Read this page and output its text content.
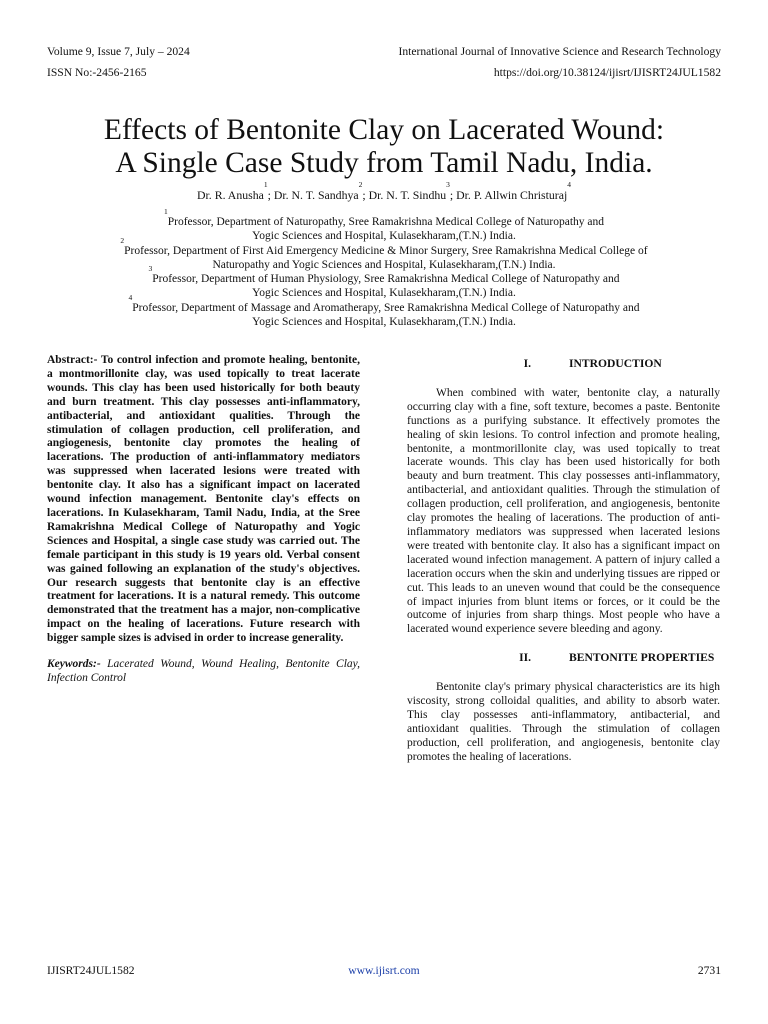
Volume 9, Issue 7, July – 2024	International Journal of Innovative Science and Research Technology
ISSN No:-2456-2165	https://doi.org/10.38124/ijisrt/IJISRT24JUL1582
Effects of Bentonite Clay on Lacerated Wound:
A Single Case Study from Tamil Nadu, India.
Dr. R. Anusha$^1$; Dr. N. T. Sandhya$^2$; Dr. N. T. Sindhu$^3$; Dr. P. Allwin Christuraj$^4$
$^1$Professor, Department of Naturopathy, Sree Ramakrishna Medical College of Naturopathy and
Yogic Sciences and Hospital, Kulasekharam,(T.N.) India.
$^2$Professor, Department of First Aid Emergency Medicine & Minor Surgery, Sree Ramakrishna Medical College of
Naturopathy and Yogic Sciences and Hospital, Kulasekharam,(T.N.) India.
$^3$Professor, Department of Human Physiology, Sree Ramakrishna Medical College of Naturopathy and
Yogic Sciences and Hospital, Kulasekharam,(T.N.) India.
$^4$Professor, Department of Massage and Aromatherapy, Sree Ramakrishna Medical College of Naturopathy and
Yogic Sciences and Hospital, Kulasekharam,(T.N.) India.

Abstract:- To control infection and promote healing, bentonite, a montmorillonite clay, was used topically to treat lacerate wounds. This clay has been used historically for both beauty and burn treatment. This clay possesses anti-inflammatory, antibacterial, and antioxidant qualities. Through the stimulation of collagen production, cell proliferation, and angiogenesis, bentonite clay promotes the healing of lacerations. The production of anti-inflammatory mediators was suppressed when lacerated lesions were treated with bentonite clay. It also has a significant impact on lacerated wound infection management. Bentonite clay's effects on lacerations. In Kulasekharam, Tamil Nadu, India, at the Sree Ramakrishna Medical College of Naturopathy and Yogic Sciences and Hospital, a single case study was carried out. The female participant in this study is 19 years old. Verbal consent was gained following an explanation of the study's objectives. Our research suggests that bentonite clay is an effective treatment for lacerations. It is a natural remedy. This outcome demonstrated that the treatment has a major, non-complicative impact on the healing of lacerations. Future research with bigger sample sizes is advised in order to increase generality.

Keywords:- Lacerated Wound, Wound Healing, Bentonite Clay, Infection Control

I.	INTRODUCTION

When combined with water, bentonite clay, a naturally occurring clay with a fine, soft texture, becomes a paste. Bentonite functions as a purifying substance. It effectively promotes the healing of skin lesions. To control infection and promote healing, bentonite, a montmorillonite clay, was used topically to treat lacerate wounds. This clay has been used historically for both beauty and burn treatment. This clay possesses anti-inflammatory, antibacterial, and antioxidant qualities. Through the stimulation of collagen production, cell proliferation, and angiogenesis, bentonite clay promotes the healing of lacerations. The production of anti-inflammatory mediators was suppressed when lacerated lesions were treated with bentonite clay. It also has a significant impact on lacerated wound infection management. A pattern of injury called a laceration occurs when the skin and underlying tissues are ripped or cut. This leads to an uneven wound that could be the consequence of impact injuries from blunt items or forces, or it could be the outcome of injuries from sharp things. Most people who have a lacerated wound experience severe bleeding and agony.

II.	BENTONITE PROPERTIES

Bentonite clay's primary physical characteristics are its high viscosity, strong colloidal qualities, and ability to absorb water. This clay possesses anti-inflammatory, antibacterial, and antioxidant qualities. Through the stimulation of collagen production, cell proliferation, and angiogenesis, bentonite clay promotes the healing of lacerations.

IJISRT24JUL1582	www.ijisrt.com	2731
